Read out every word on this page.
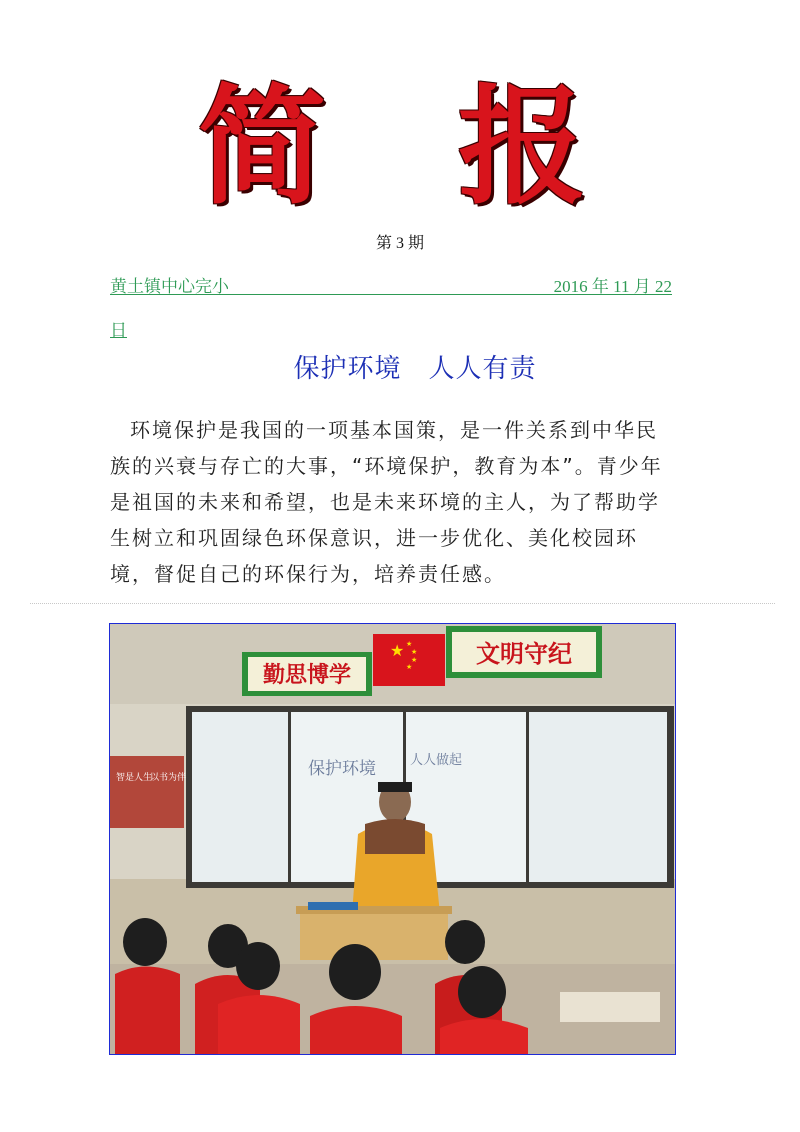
简 报
第 3 期
黄土镇中心完小	2016 年 11 月 22
日
保护环境　人人有责

环境保护是我国的一项基本国策，是一件关系到中华民族的兴衰与存亡的大事，“环境保护，教育为本”。青少年是祖国的未来和希望，也是未来环境的主人，为了帮助学生树立和巩固绿色环保意识，进一步优化、美化校园环境，督促自己的环保行为，培养责任感。

勤思博学
★ ★
★
★
★	文明守纪
保护环境	人人做起
智是人生
以书为伴
